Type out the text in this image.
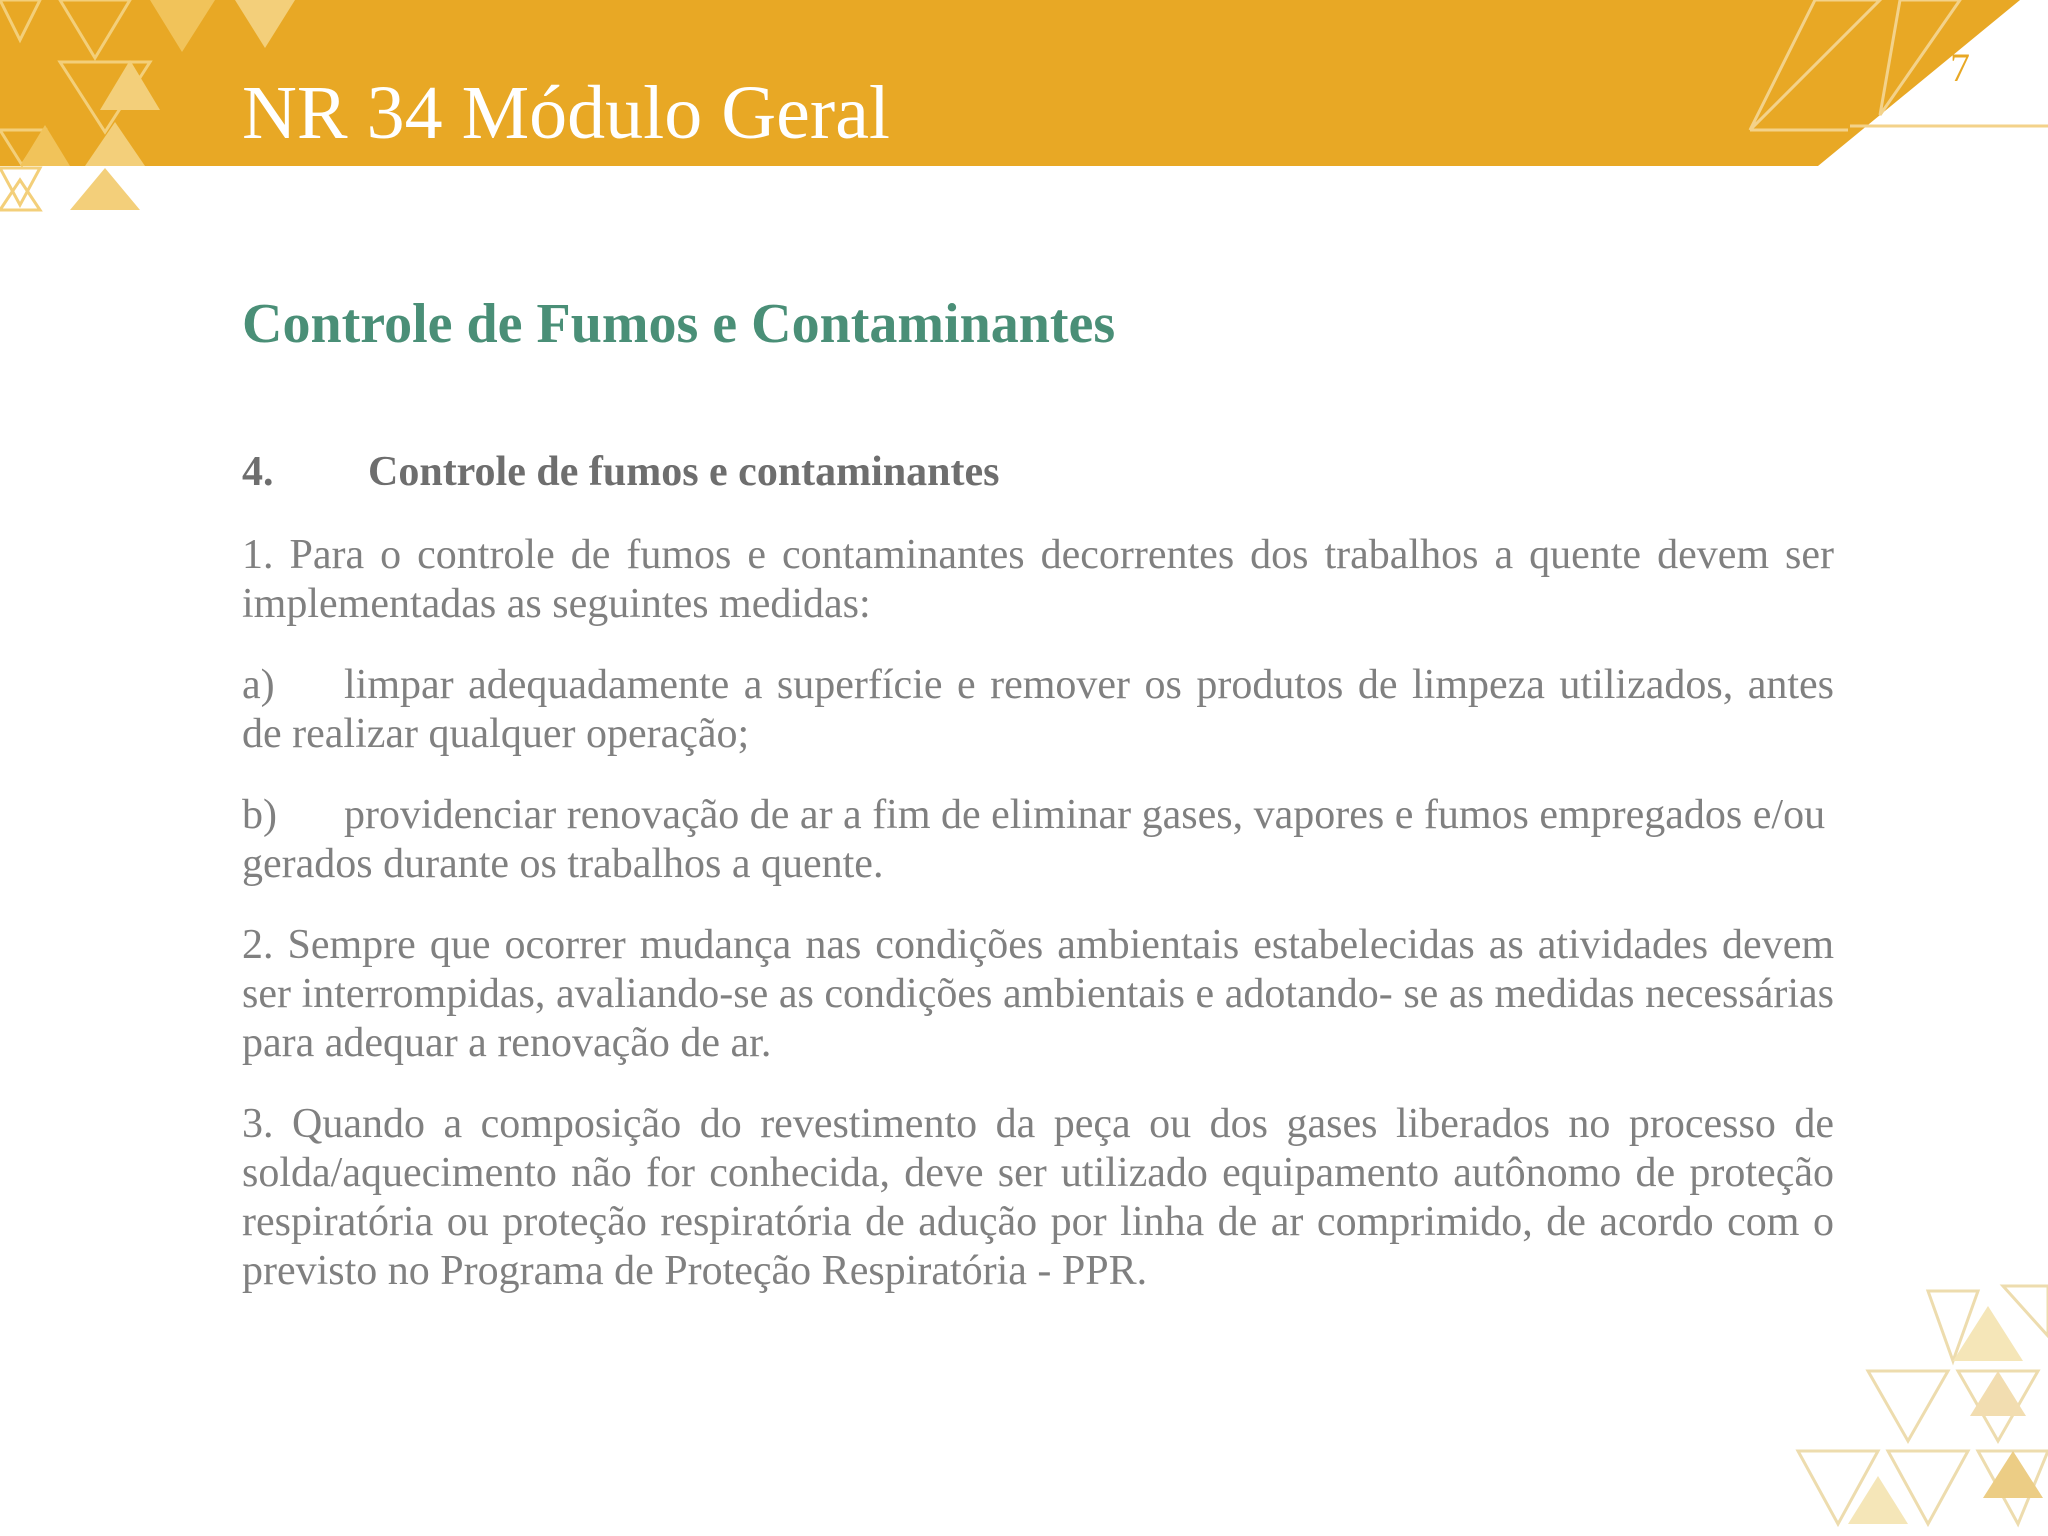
NR 34 Módulo Geral
7
Controle de Fumos e Contaminantes
4. Controle de fumos e contaminantes

1. Para o controle de fumos e contaminantes decorrentes dos trabalhos a quente devem ser implementadas as seguintes medidas:

a) limpar adequadamente a superfície e remover os produtos de limpeza utilizados, antes de realizar qualquer operação;

b) providenciar renovação de ar a fim de eliminar gases, vapores e fumos empregados e/ou gerados durante os trabalhos a quente.

2. Sempre que ocorrer mudança nas condições ambientais estabelecidas as atividades devem ser interrompidas, avaliando-se as condições ambientais e adotando- se as medidas necessárias para adequar a renovação de ar.

3. Quando a composição do revestimento da peça ou dos gases liberados no processo de solda/aquecimento não for conhecida, deve ser utilizado equipamento autônomo de proteção respiratória ou proteção respiratória de adução por linha de ar comprimido, de acordo com o previsto no Programa de Proteção Respiratória - PPR.
